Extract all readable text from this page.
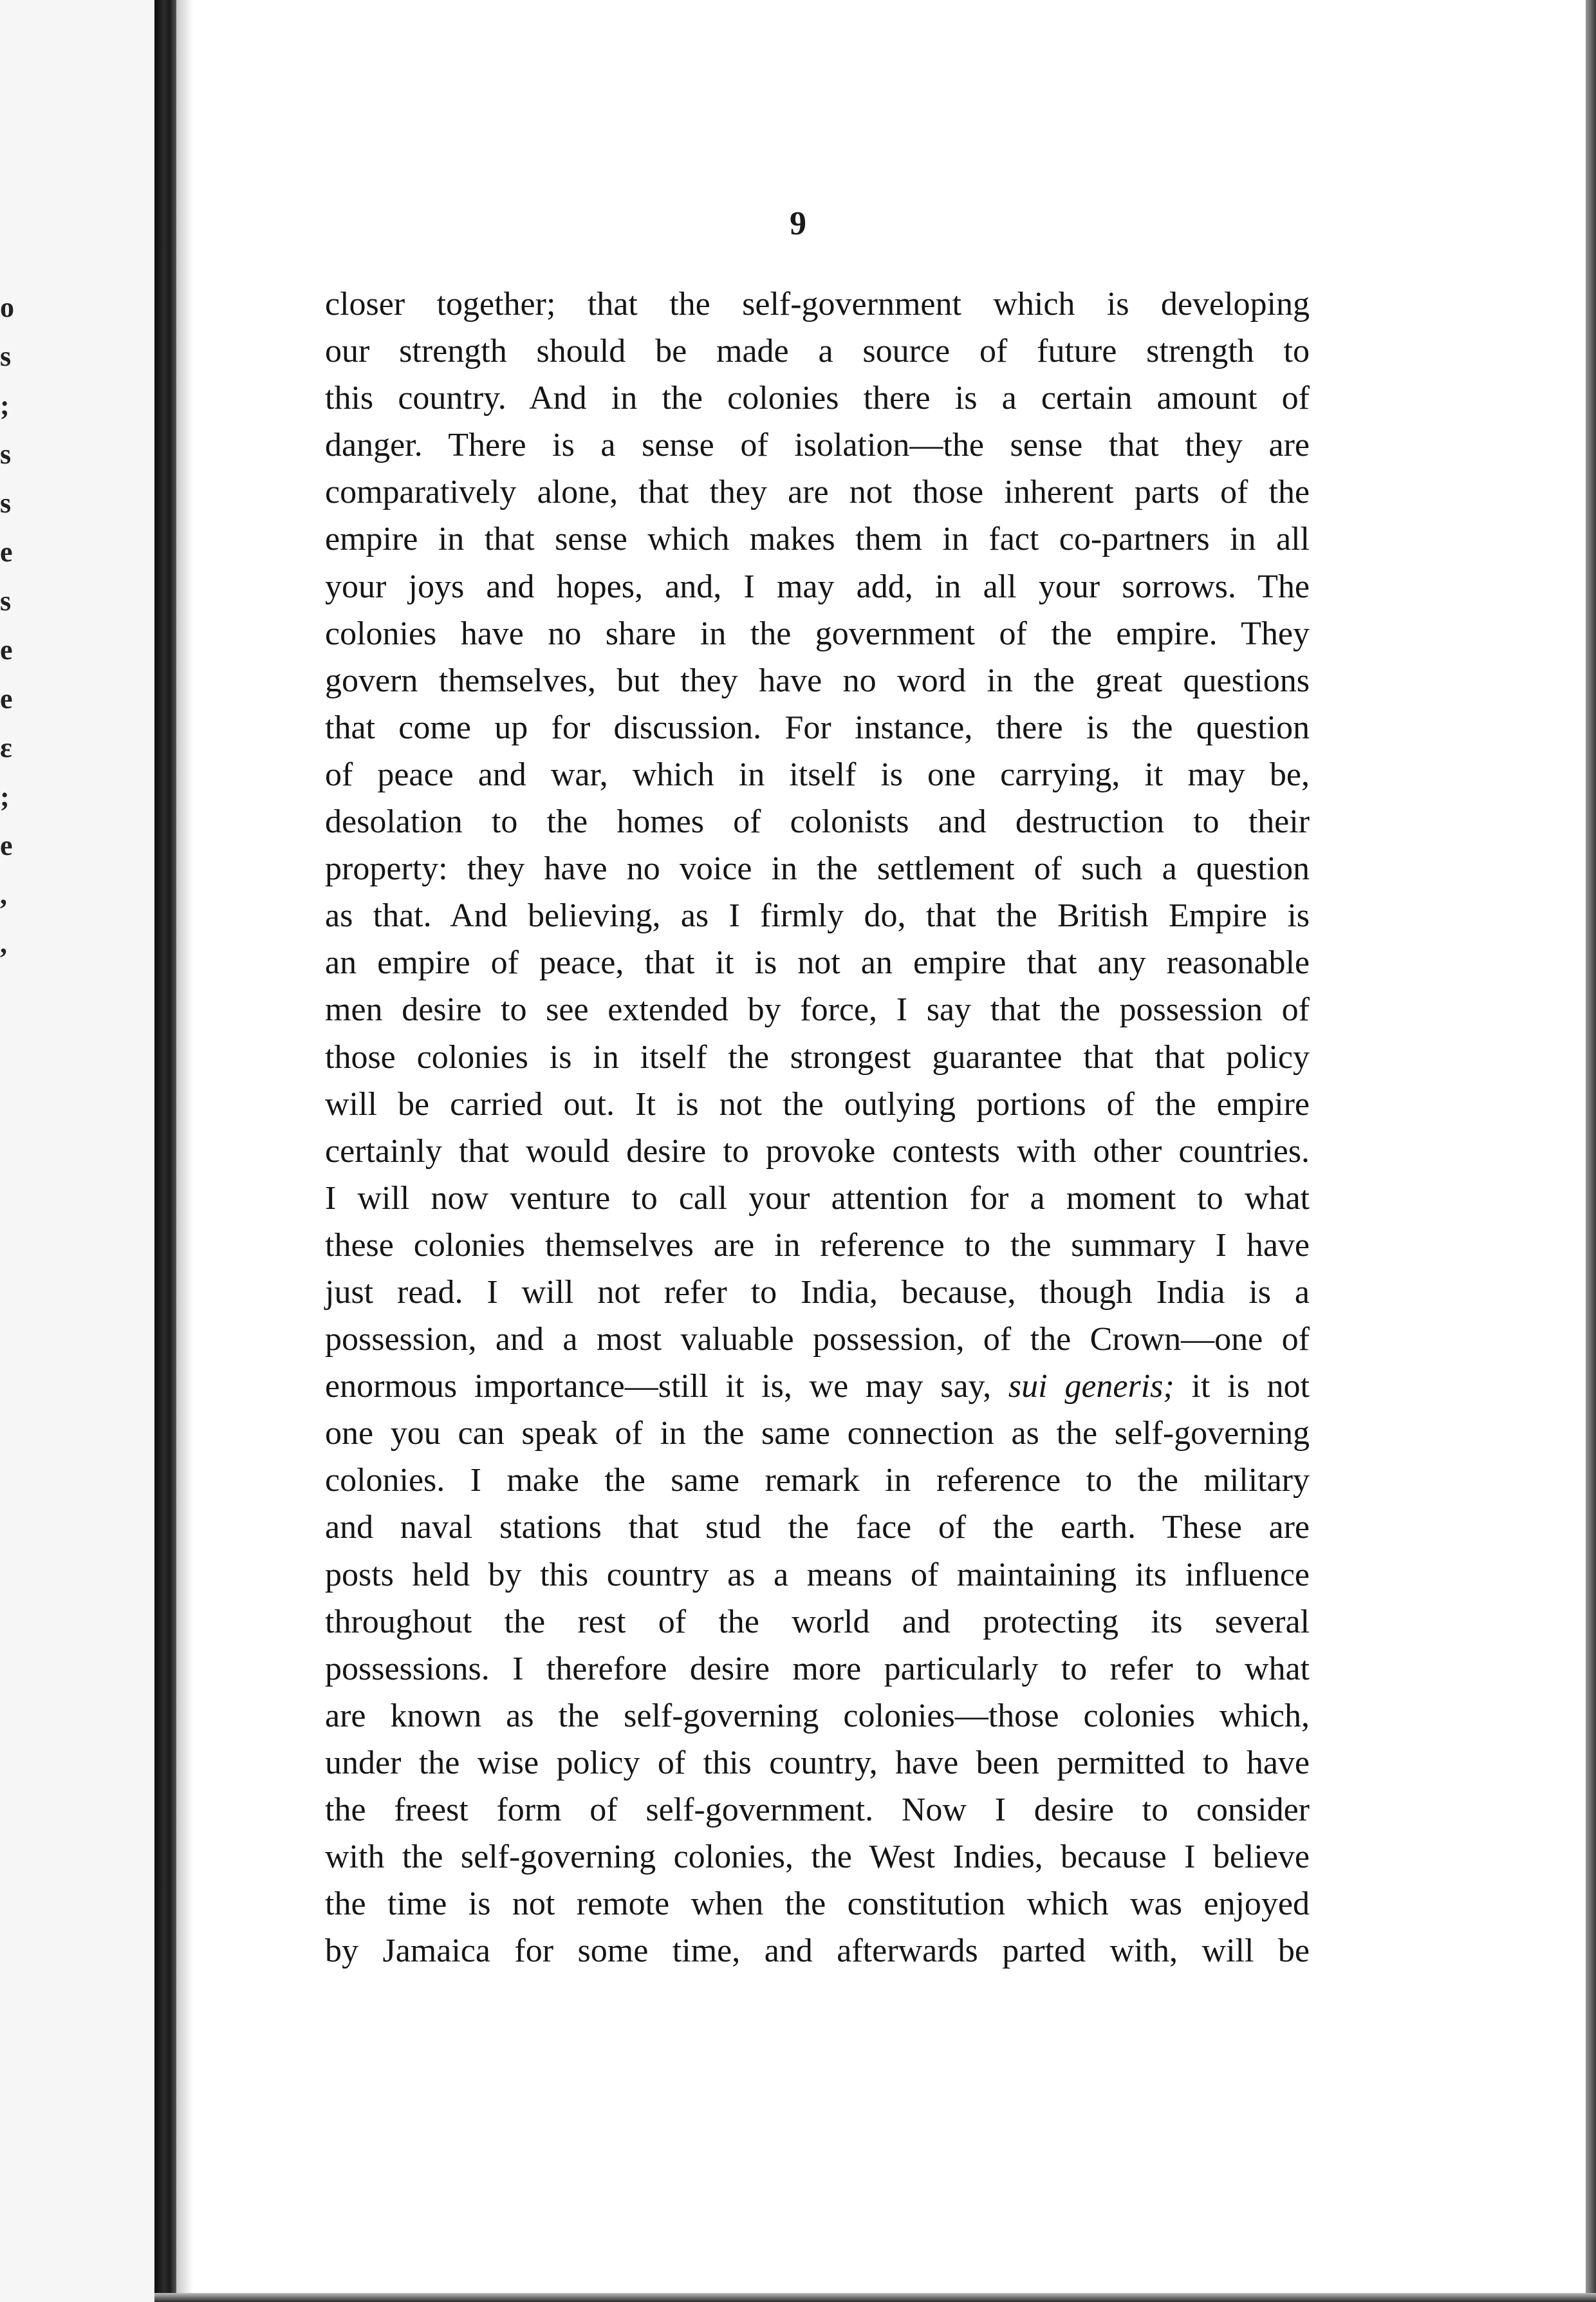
o
s
;
s
s
e
s
e
e
ε
;
e
,
,
9
closer together; that the self-government which is developing
our strength should be made a source of future strength to
this country. And in the colonies there is a certain amount of
danger. There is a sense of isolation—the sense that they are
comparatively alone, that they are not those inherent parts of the
empire in that sense which makes them in fact co-partners in all
your joys and hopes, and, I may add, in all your sorrows. The
colonies have no share in the government of the empire. They
govern themselves, but they have no word in the great questions
that come up for discussion. For instance, there is the question
of peace and war, which in itself is one carrying, it may be,
desolation to the homes of colonists and destruction to their
property: they have no voice in the settlement of such a question
as that. And believing, as I firmly do, that the British Empire is
an empire of peace, that it is not an empire that any reasonable
men desire to see extended by force, I say that the possession of
those colonies is in itself the strongest guarantee that that policy
will be carried out. It is not the outlying portions of the empire
certainly that would desire to provoke contests with other countries.
I will now venture to call your attention for a moment to what
these colonies themselves are in reference to the summary I have
just read. I will not refer to India, because, though India is a
possession, and a most valuable possession, of the Crown—one of
enormous importance—still it is, we may say, sui generis; it is not
one you can speak of in the same connection as the self-governing
colonies. I make the same remark in reference to the military
and naval stations that stud the face of the earth. These are
posts held by this country as a means of maintaining its influence
throughout the rest of the world and protecting its several
possessions. I therefore desire more particularly to refer to what
are known as the self-governing colonies—those colonies which,
under the wise policy of this country, have been permitted to have
the freest form of self-government. Now I desire to consider
with the self-governing colonies, the West Indies, because I believe
the time is not remote when the constitution which was enjoyed
by Jamaica for some time, and afterwards parted with, will be
